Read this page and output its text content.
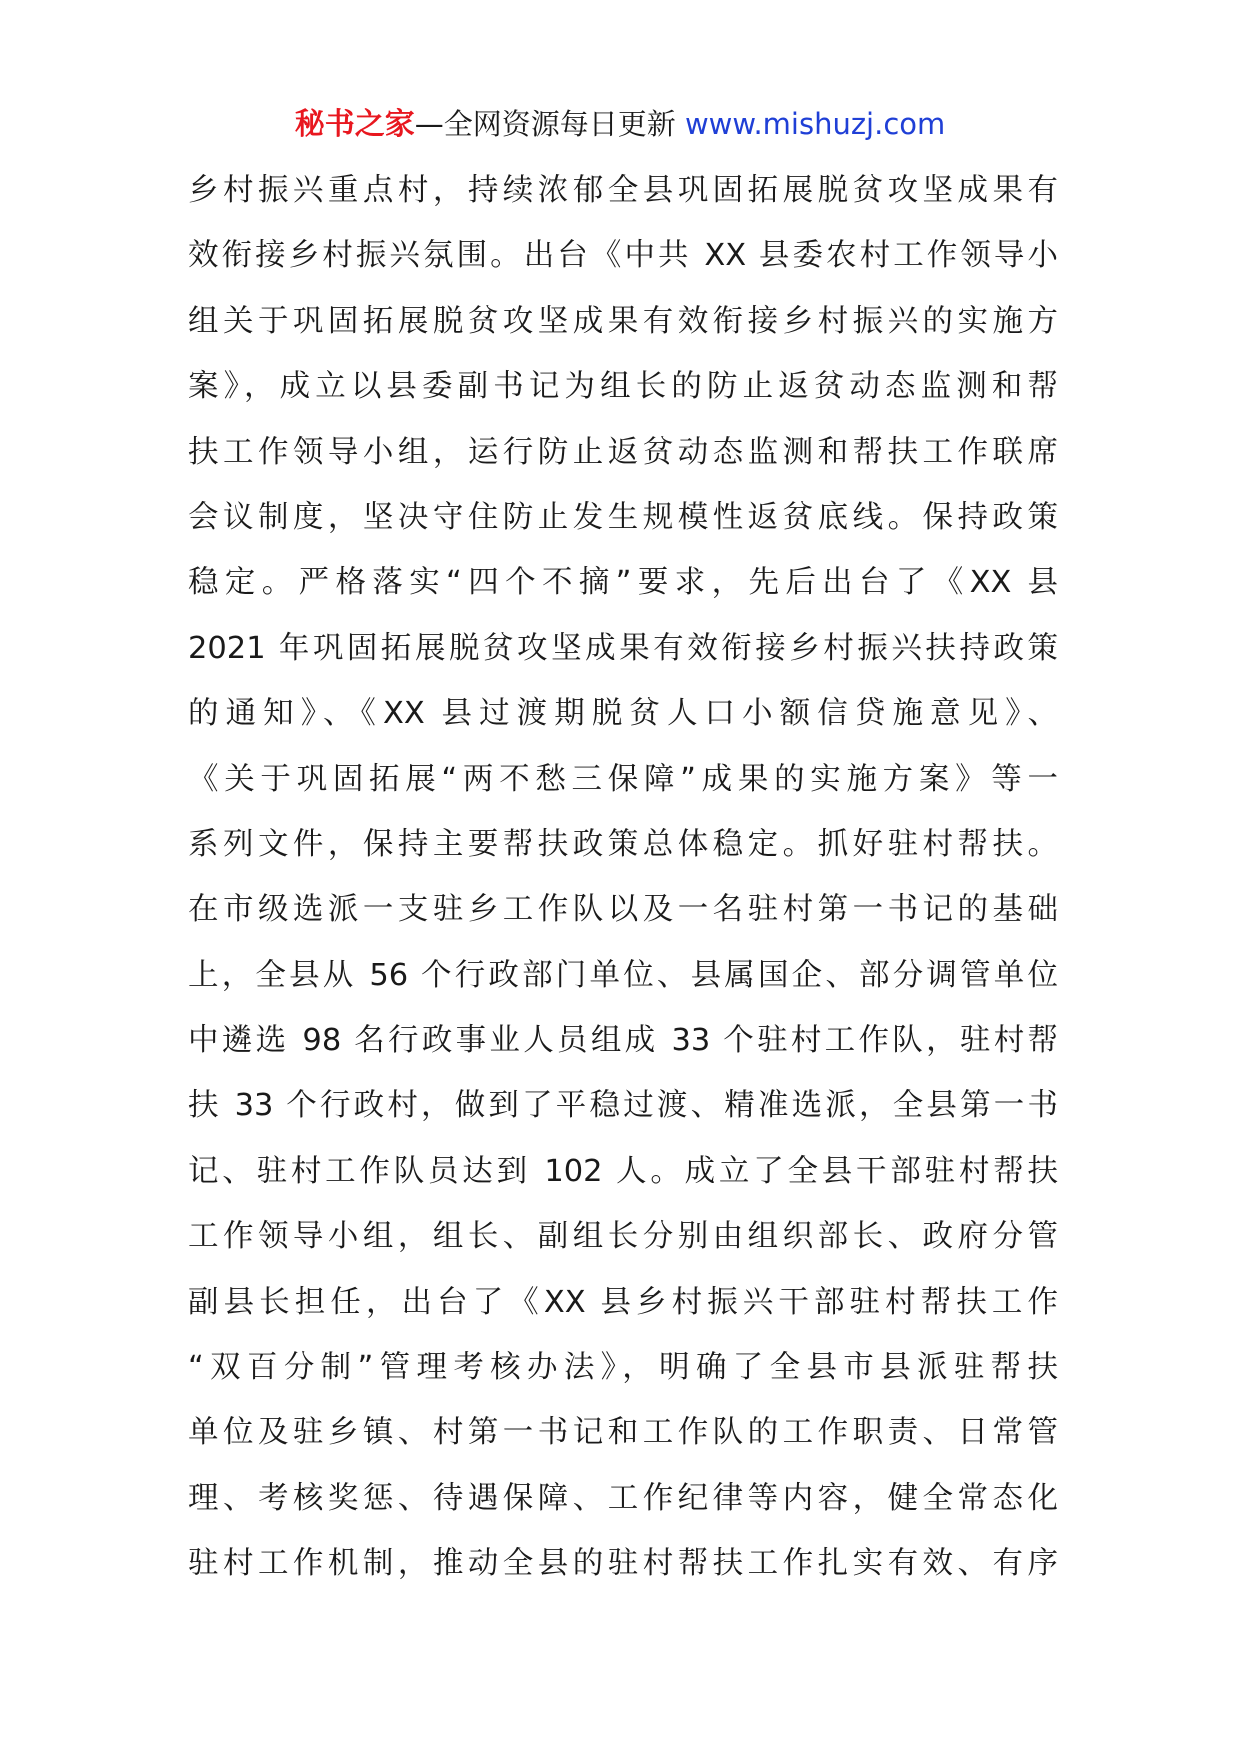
秘书之家—全网资源每日更新 www.mishuzj.com
乡村振兴重点村，持续浓郁全县巩固拓展脱贫攻坚成果有
效衔接乡村振兴氛围。出台《中共 XX 县委农村工作领导小
组关于巩固拓展脱贫攻坚成果有效衔接乡村振兴的实施方
案》，成立以县委副书记为组长的防止返贫动态监测和帮
扶工作领导小组，运行防止返贫动态监测和帮扶工作联席
会议制度，坚决守住防止发生规模性返贫底线。保持政策
稳定。严格落实“四个不摘”要求，先后出台了《XX 县
2021 年巩固拓展脱贫攻坚成果有效衔接乡村振兴扶持政策
的通知》、《XX 县过渡期脱贫人口小额信贷施意见》、
《关于巩固拓展“两不愁三保障”成果的实施方案》等一
系列文件，保持主要帮扶政策总体稳定。抓好驻村帮扶。
在市级选派一支驻乡工作队以及一名驻村第一书记的基础
上，全县从 56 个行政部门单位、县属国企、部分调管单位
中遴选 98 名行政事业人员组成 33 个驻村工作队，驻村帮
扶 33 个行政村，做到了平稳过渡、精准选派，全县第一书
记、驻村工作队员达到 102 人。成立了全县干部驻村帮扶
工作领导小组，组长、副组长分别由组织部长、政府分管
副县长担任，出台了《XX 县乡村振兴干部驻村帮扶工作
“双百分制”管理考核办法》，明确了全县市县派驻帮扶
单位及驻乡镇、村第一书记和工作队的工作职责、日常管
理、考核奖惩、待遇保障、工作纪律等内容，健全常态化
驻村工作机制，推动全县的驻村帮扶工作扎实有效、有序
